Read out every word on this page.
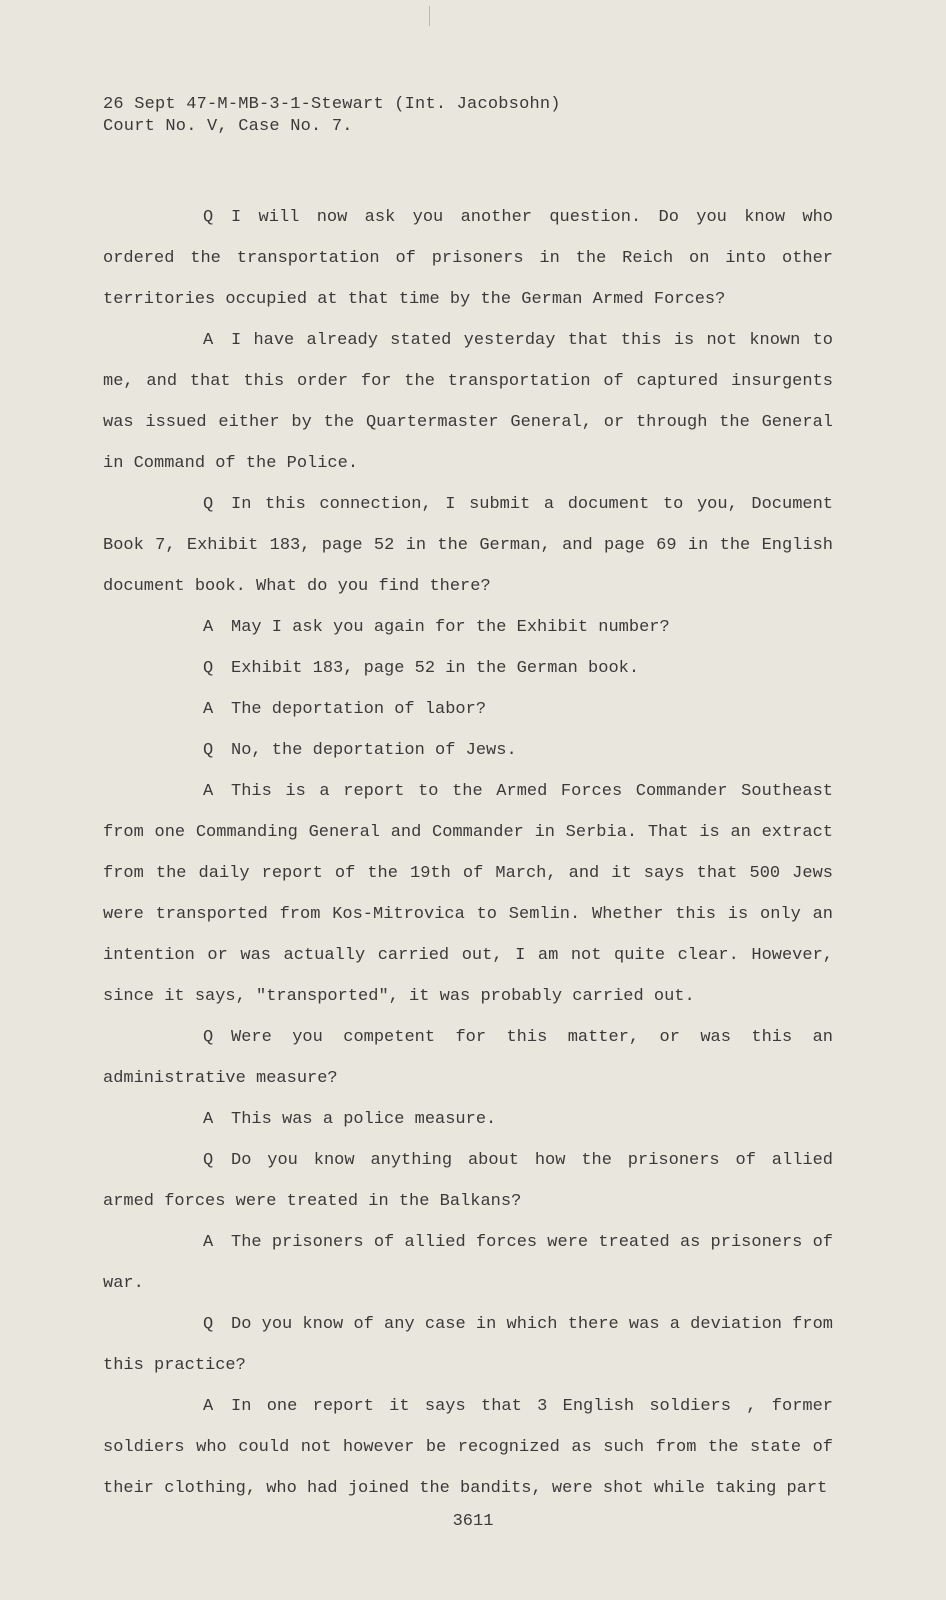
26 Sept 47-M-MB-3-1-Stewart (Int. Jacobsohn)
Court No. V, Case No. 7.

Q I will now ask you another question. Do you know who ordered the transportation of prisoners in the Reich on into other territories occupied at that time by the German Armed Forces?

A I have already stated yesterday that this is not known to me, and that this order for the transportation of captured insurgents was issued either by the Quartermaster General, or through the General in Command of the Police.

Q In this connection, I submit a document to you, Document Book 7, Exhibit 183, page 52 in the German, and page 69 in the English document book. What do you find there?

A May I ask you again for the Exhibit number?

Q Exhibit 183, page 52 in the German book.

A The deportation of labor?

Q No, the deportation of Jews.

A This is a report to the Armed Forces Commander Southeast from one Commanding General and Commander in Serbia. That is an extract from the daily report of the 19th of March, and it says that 500 Jews were transported from Kos-Mitrovica to Semlin. Whether this is only an intention or was actually carried out, I am not quite clear. However, since it says, "transported", it was probably carried out.

Q Were you competent for this matter, or was this an administrative measure?

A This was a police measure.

Q Do you know anything about how the prisoners of allied armed forces were treated in the Balkans?

A The prisoners of allied forces were treated as prisoners of war.

Q Do you know of any case in which there was a deviation from this practice?

A In one report it says that 3 English soldiers , former soldiers who could not however be recognized as such from the state of their clothing, who had joined the bandits, were shot while taking part

3611
